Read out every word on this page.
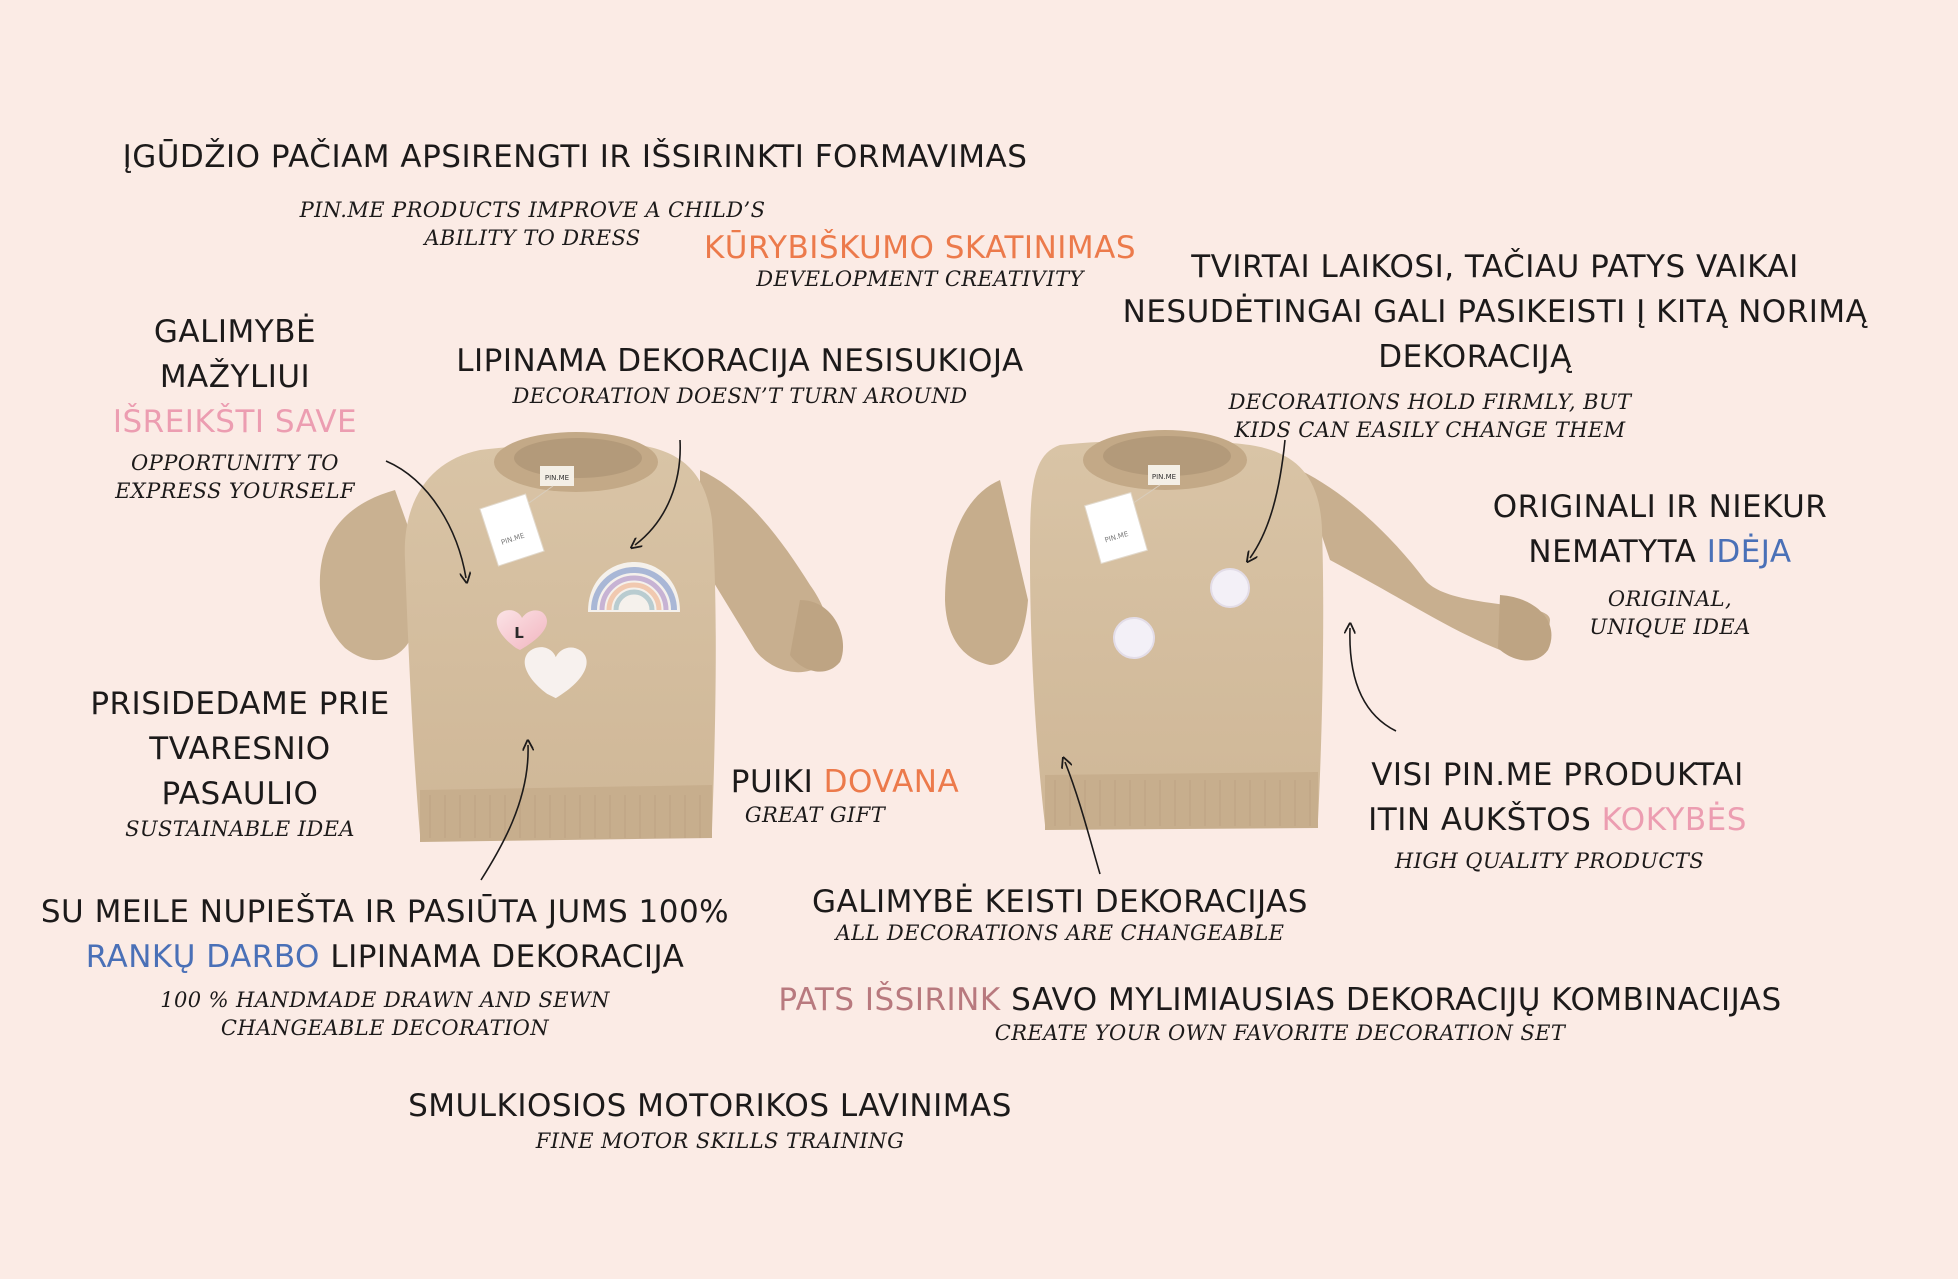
PIN.ME
PIN.ME
L
PIN.ME
PIN.ME
ĮGŪDŽIO PAČIAM APSIRENGTI IR IŠSIRINKTI FORMAVIMAS
PIN.ME PRODUCTS IMPROVE A CHILD’S
ABILITY TO DRESS	KŪRYBIŠKUMO SKATINIMAS
DEVELOPMENT CREATIVITY	TVIRTAI LAIKOSI, TAČIAU PATYS VAIKAI
NESUDĖTINGAI GALI PASIKEISTI Į KITĄ NORIMĄ
DEKORACIJĄ
DECORATIONS HOLD FIRMLY, BUT
KIDS CAN EASILY CHANGE THEM
GALIMYBĖ
MAŽYLIUI
IŠREIKŠTI SAVE
OPPORTUNITY TO
EXPRESS YOURSELF
LIPINAMA DEKORACIJA NESISUKIOJA
DECORATION DOESN’T TURN AROUND
ORIGINALI IR NIEKUR
NEMATYTA IDĖJA
ORIGINAL,
UNIQUE IDEA
PRISIDEDAME PRIE
TVARESNIO
PASAULIO
SUSTAINABLE IDEA
PUIKI DOVANA
GREAT GIFT
VISI PIN.ME PRODUKTAI
ITIN AUKŠTOS KOKYBĖS
HIGH QUALITY PRODUCTS
SU MEILE NUPIEŠTA IR PASIŪTA JUMS 100%
RANKŲ DARBO LIPINAMA DEKORACIJA
100 % HANDMADE DRAWN AND SEWN
CHANGEABLE DECORATION
GALIMYBĖ KEISTI DEKORACIJAS
ALL DECORATIONS ARE CHANGEABLE
PATS IŠSIRINK SAVO MYLIMIAUSIAS DEKORACIJŲ KOMBINACIJAS
CREATE YOUR OWN FAVORITE DECORATION SET
SMULKIOSIOS MOTORIKOS LAVINIMAS
FINE MOTOR SKILLS TRAINING
